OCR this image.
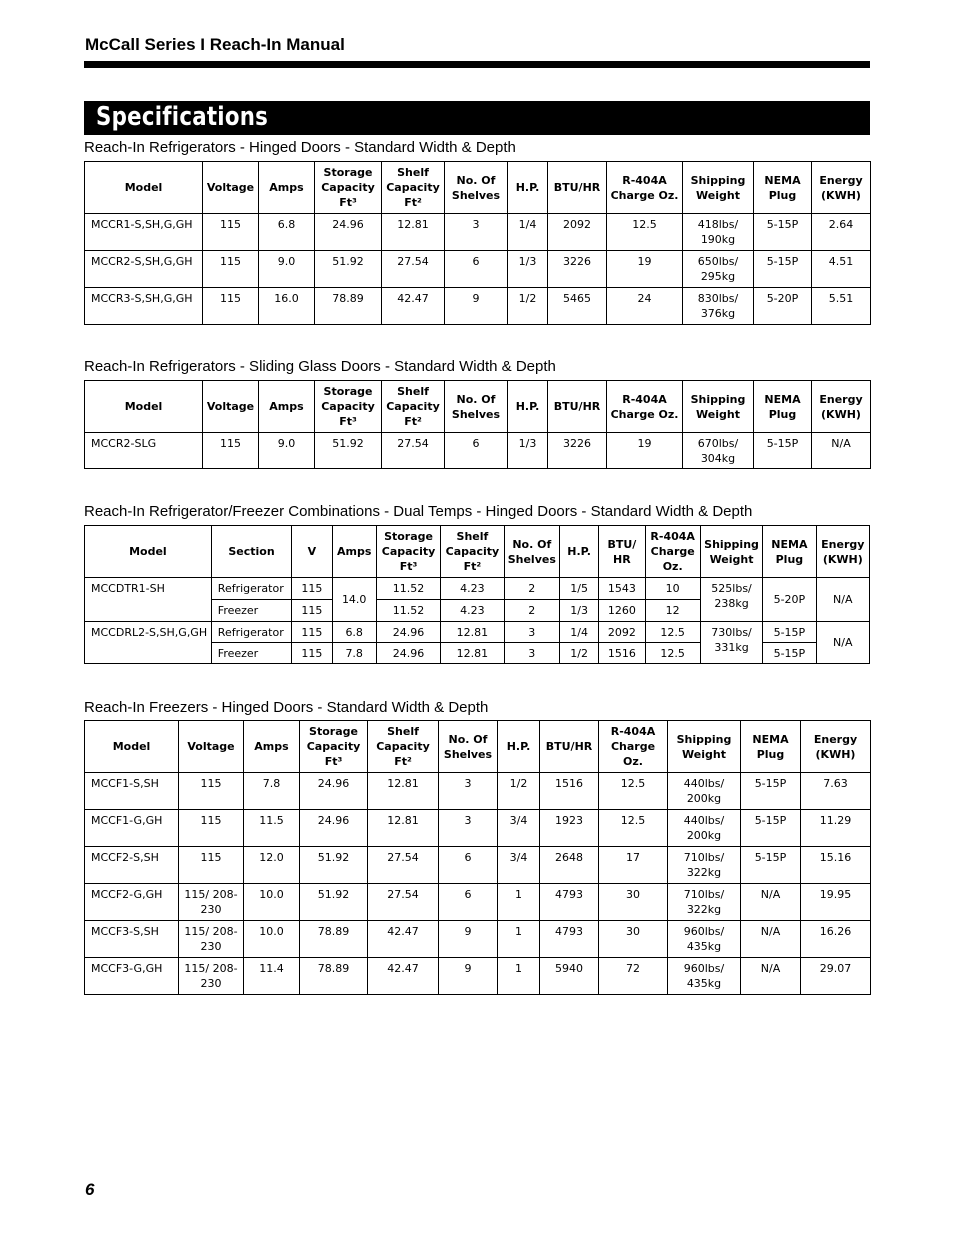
McCall Series I Reach-In Manual
Specifications
Reach-In Refrigerators - Hinged Doors - Standard Width & Depth
Model	Voltage	Amps	Storage Capacity Ft³	Shelf Capacity Ft²	No. Of Shelves	H.P.	BTU/HR	R-404A Charge Oz.	Shipping Weight	NEMA Plug	Energy (KWH)
MCCR1-S,SH,G,GH	115	6.8	24.96	12.81	3	1/4	2092	12.5	418lbs/ 190kg	5-15P	2.64
MCCR2-S,SH,G,GH	115	9.0	51.92	27.54	6	1/3	3226	19	650lbs/ 295kg	5-15P	4.51
MCCR3-S,SH,G,GH	115	16.0	78.89	42.47	9	1/2	5465	24	830lbs/ 376kg	5-20P	5.51
Reach-In Refrigerators - Sliding Glass Doors - Standard Width & Depth
Model	Voltage	Amps	Storage Capacity Ft³	Shelf Capacity Ft²	No. Of Shelves	H.P.	BTU/HR	R-404A Charge Oz.	Shipping Weight	NEMA Plug	Energy (KWH)
MCCR2-SLG	115	9.0	51.92	27.54	6	1/3	3226	19	670lbs/ 304kg	5-15P	N/A
Reach-In Refrigerator/Freezer Combinations - Dual Temps - Hinged Doors - Standard Width & Depth
Model	Section	V	Amps	Storage Capacity Ft³	Shelf Capacity Ft²	No. Of Shelves	H.P.	BTU/ HR	R-404A Charge Oz.	Shipping Weight	NEMA Plug	Energy (KWH)
MCCDTR1-SH	Refrigerator	115	14.0	11.52	4.23	2	1/5	1543	10	525lbs/ 238kg	5-20P	N/A
	Freezer	115		11.52	4.23	2	1/3	1260	12			
MCCDRL2-S,SH,G,GH	Refrigerator	115	6.8	24.96	12.81	3	1/4	2092	12.5	730lbs/ 331kg	5-15P	N/A
	Freezer	115	7.8	24.96	12.81	3	1/2	1516	12.5		5-15P	
Reach-In Freezers - Hinged Doors - Standard Width & Depth
Model	Voltage	Amps	Storage Capacity Ft³	Shelf Capacity Ft²	No. Of Shelves	H.P.	BTU/HR	R-404A Charge Oz.	Shipping Weight	NEMA Plug	Energy (KWH)
MCCF1-S,SH	115	7.8	24.96	12.81	3	1/2	1516	12.5	440lbs/ 200kg	5-15P	7.63
MCCF1-G,GH	115	11.5	24.96	12.81	3	3/4	1923	12.5	440lbs/ 200kg	5-15P	11.29
MCCF2-S,SH	115	12.0	51.92	27.54	6	3/4	2648	17	710lbs/ 322kg	5-15P	15.16
MCCF2-G,GH	115/ 208-230	10.0	51.92	27.54	6	1	4793	30	710lbs/ 322kg	N/A	19.95
MCCF3-S,SH	115/ 208-230	10.0	78.89	42.47	9	1	4793	30	960lbs/ 435kg	N/A	16.26
MCCF3-G,GH	115/ 208-230	11.4	78.89	42.47	9	1	5940	72	960lbs/ 435kg	N/A	29.07
6
